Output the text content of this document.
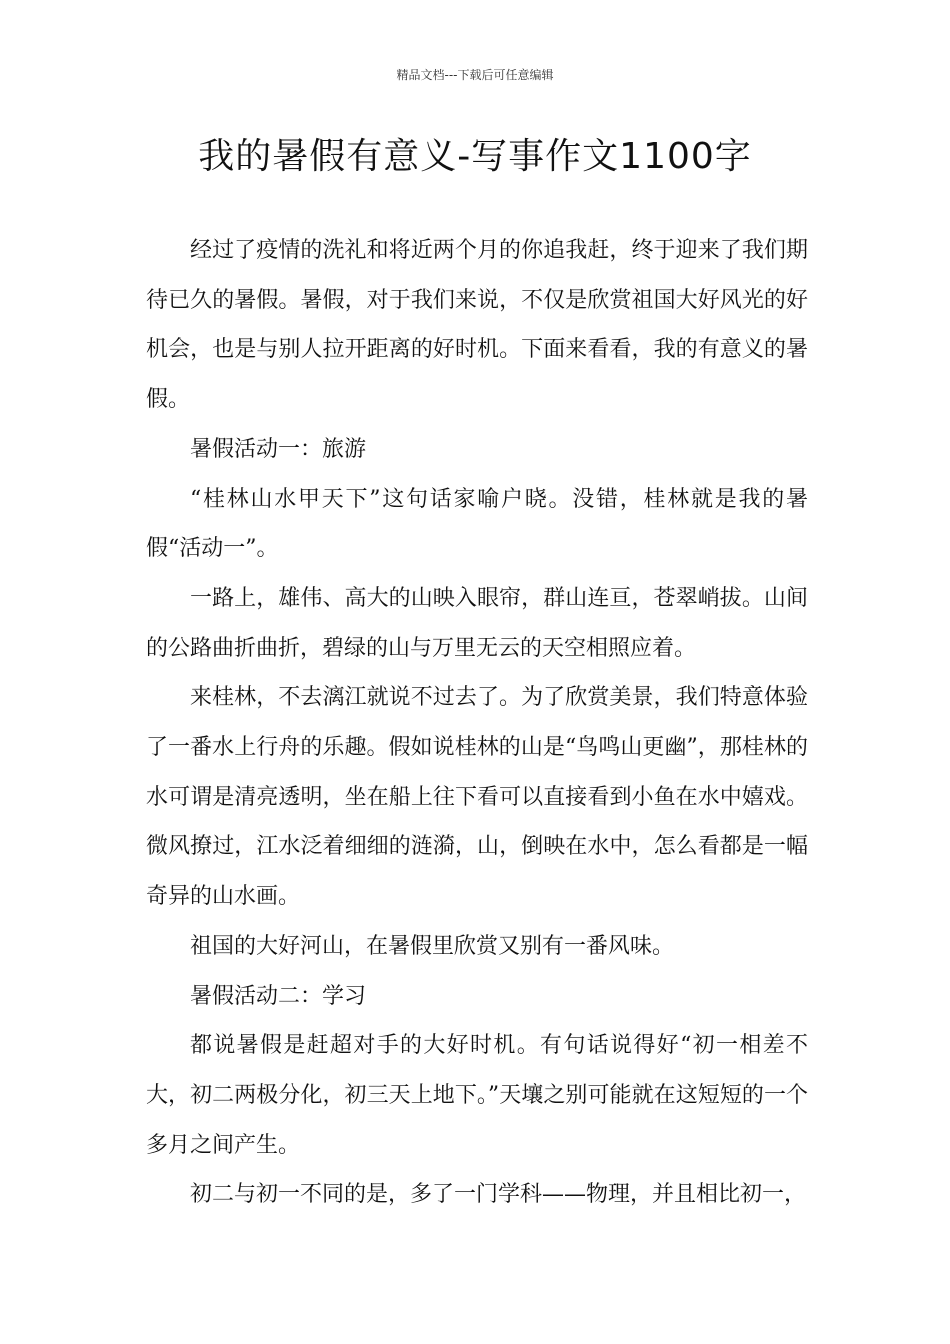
精品文档---下载后可任意编辑
我的暑假有意义-写事作文1100字

经过了疫情的洗礼和将近两个月的你追我赶，终于迎来了我们期待已久的暑假。暑假，对于我们来说，不仅是欣赏祖国大好风光的好机会，也是与别人拉开距离的好时机。下面来看看，我的有意义的暑假。

暑假活动一：旅游

“桂林山水甲天下”这句话家喻户晓。没错，桂林就是我的暑假“活动一”。

一路上，雄伟、高大的山映入眼帘，群山连亘，苍翠峭拔。山间的公路曲折曲折，碧绿的山与万里无云的天空相照应着。

来桂林，不去漓江就说不过去了。为了欣赏美景，我们特意体验了一番水上行舟的乐趣。假如说桂林的山是“鸟鸣山更幽”，那桂林的水可谓是清亮透明，坐在船上往下看可以直接看到小鱼在水中嬉戏。微风撩过，江水泛着细细的涟漪，山，倒映在水中，怎么看都是一幅奇异的山水画。

祖国的大好河山，在暑假里欣赏又别有一番风味。

暑假活动二：学习

都说暑假是赶超对手的大好时机。有句话说得好“初一相差不大，初二两极分化，初三天上地下。”天壤之别可能就在这短短的一个多月之间产生。

初二与初一不同的是，多了一门学科——物理，并且相比初一，
